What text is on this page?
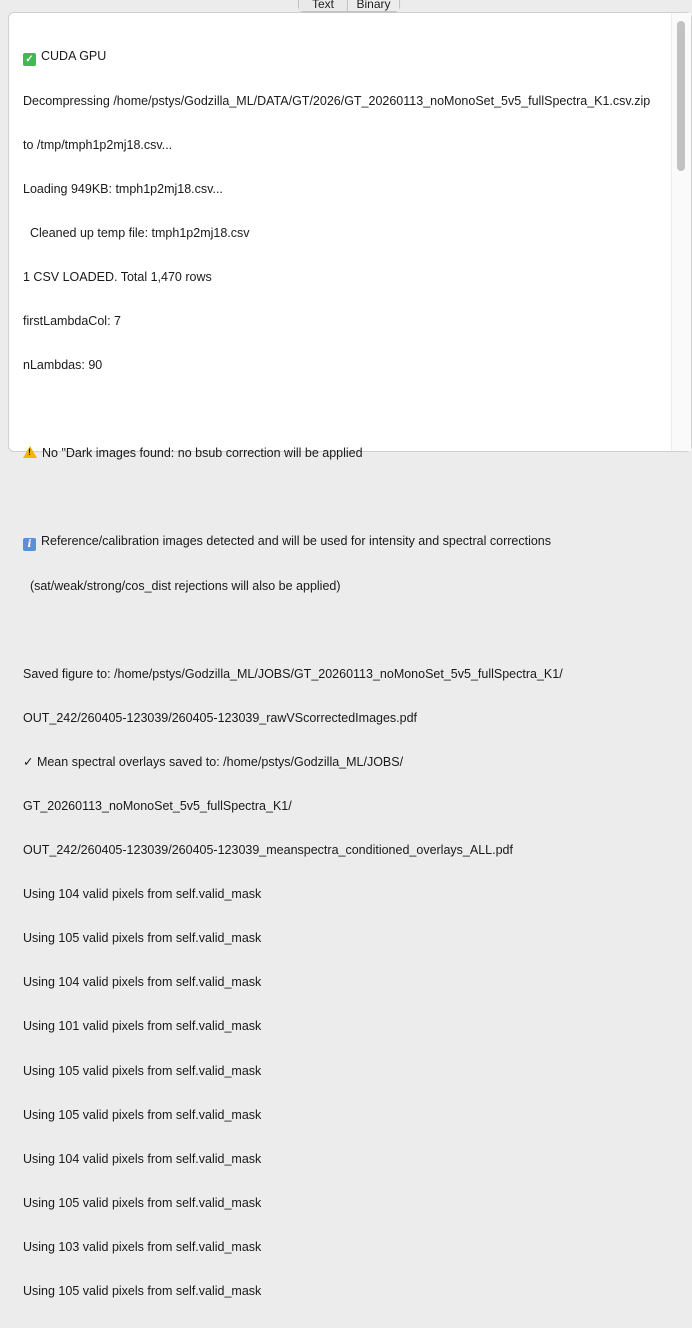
✓ CUDA GPU

Decompressing /home/pstys/Godzilla_ML/DATA/GT/2026/GT_20260113_noMonoSet_5v5_fullSpectra_K1.csv.zip

to /tmp/tmph1p2mj18.csv...

Loading 949KB: tmph1p2mj18.csv...

Cleaned up temp file: tmph1p2mj18.csv

1 CSV LOADED. Total 1,470 rows

firstLambdaCol: 7

nLambdas: 90

!No "Dark images found: no bsub correction will be applied

i Reference/calibration images detected and will be used for intensity and spectral corrections

(sat/weak/strong/cos_dist rejections will also be applied)

Saved figure to: /home/pstys/Godzilla_ML/JOBS/GT_20260113_noMonoSet_5v5_fullSpectra_K1/

OUT_242/260405-123039/260405-123039_rawVScorrectedImages.pdf

✓ Mean spectral overlays saved to: /home/pstys/Godzilla_ML/JOBS/

GT_20260113_noMonoSet_5v5_fullSpectra_K1/

OUT_242/260405-123039/260405-123039_meanspectra_conditioned_overlays_ALL.pdf

Using 104 valid pixels from self.valid_mask

Using 105 valid pixels from self.valid_mask

Using 104 valid pixels from self.valid_mask

Using 101 valid pixels from self.valid_mask

Using 105 valid pixels from self.valid_mask

Using 105 valid pixels from self.valid_mask

Using 104 valid pixels from self.valid_mask

Using 105 valid pixels from self.valid_mask

Using 103 valid pixels from self.valid_mask

Using 105 valid pixels from self.valid_mask

Text	Binary
